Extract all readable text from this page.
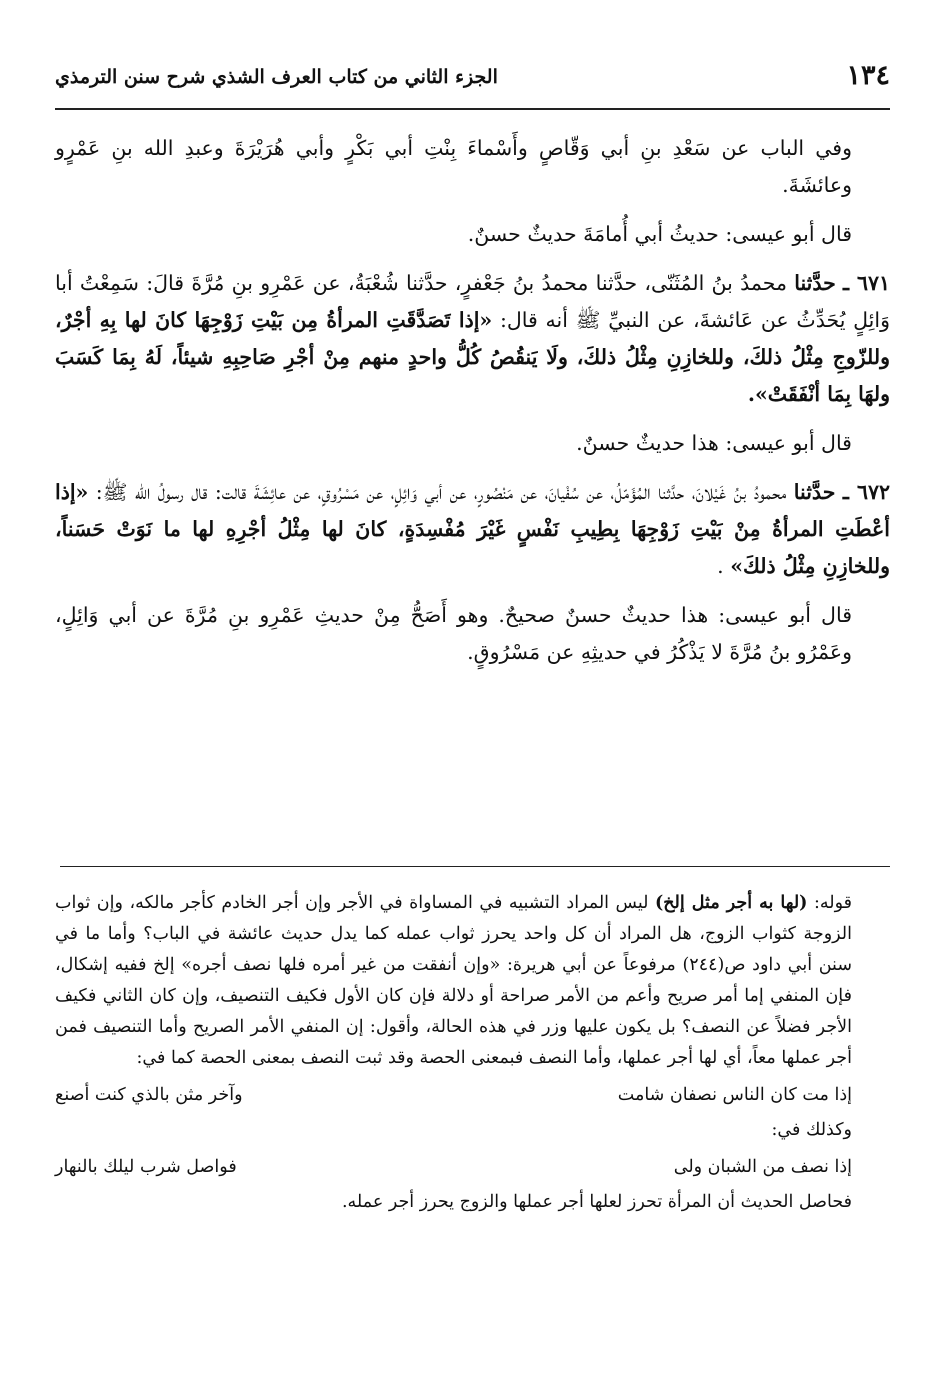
١٣٤
الجزء الثاني من كتاب العرف الشذي شرح سنن الترمذي

وفي الباب عن سَعْدِ بنِ أبي وَقّاصٍ وأَسْماءَ بِنْتِ أبي بَكْرٍ وأبي هُرَيْرَةَ وعبدِ الله بنِ عَمْرٍو وعائشَةَ.

قال أبو عيسى: حديثُ أبي أُمامَةَ حديثٌ حسنٌ.

٦٧١ ـ حدَّثنا محمدُ بنُ المُثَنّى، حدَّثنا محمدُ بنُ جَعْفرٍ، حدَّثنا شُعْبَةُ، عن عَمْرِو بنِ مُرَّةَ قالَ: سَمِعْتُ أبا وَائِلٍ يُحَدِّثُ عن عَائشةَ، عن النبيِّ ﷺ أنه قال: «إذا تَصَدَّقَتِ المرأةُ مِن بَيْتِ زَوْجِهَا كانَ لها بِهِ أجْرٌ، وللزّوجِ مِثْلُ ذلكَ، وللخازِنِ مِثْلُ ذلكَ، ولَا يَنقُصُ كُلُّ واحدٍ منهم مِنْ أجْرِ صَاحِبِهِ شيئاً، لَهُ بِمَا كَسَبَ ولهَا بِمَا أنْفَقَتْ».

قال أبو عيسى: هذا حديثٌ حسنٌ.

٦٧٢ ـ حدَّثنا محمودُ بنُ غَيْلانَ، حدَّثنا المُؤَمّلُ، عن سُفْيانَ، عن مَنْصُورٍ، عن أبي وَائِلٍ، عن مَسْرُوقٍ، عن عائِشَةَ قالت: قال رسولُ الله ﷺ: «إذا أعْطَتِ المرأةُ مِنْ بَيْتِ زَوْجِهَا بِطِيبِ نَفْسٍ غَيْرَ مُفْسِدَةٍ، كانَ لها مِثْلُ أجْرِهِ لها ما نَوَتْ حَسَناً، وللخازِنِ مِثْلُ ذلكَ» .

قال أبو عيسى: هذا حديثٌ حسنٌ صحيحٌ. وهو أَصَحُّ مِنْ حديثِ عَمْرِو بنِ مُرَّةَ عن أبي وَائِلٍ، وعَمْرُو بنُ مُرَّةَ لا يَذْكُرُ في حديثِهِ عن مَسْرُوقٍ.

قوله: (لها به أجر مثل إلخ) ليس المراد التشبيه في المساواة في الأجر وإن أجر الخادم كأجر مالكه، وإن ثواب الزوجة كثواب الزوج، هل المراد أن كل واحد يحرز ثواب عمله كما يدل حديث عائشة في الباب؟ وأما ما في سنن أبي داود ص(٢٤٤) مرفوعاً عن أبي هريرة: «وإن أنفقت من غير أمره فلها نصف أجره» إلخ ففيه إشكال، فإن المنفي إما أمر صريح وأعم من الأمر صراحة أو دلالة فإن كان الأول فكيف التنصيف، وإن كان الثاني فكيف الأجر فضلاً عن النصف؟ بل يكون عليها وزر في هذه الحالة، وأقول: إن المنفي الأمر الصريح وأما التنصيف فمن أجر عملها معاً، أي لها أجر عملها، وأما النصف فبمعنى الحصة وقد ثبت النصف بمعنى الحصة كما في:

إذا مت كان الناس نصفان شامت
وآخر مثن بالذي كنت أصنع

وكذلك في:

إذا نصف من الشبان ولى
فواصل شرب ليلك بالنهار

فحاصل الحديث أن المرأة تحرز لعلها أجر عملها والزوج يحرز أجر عمله.
